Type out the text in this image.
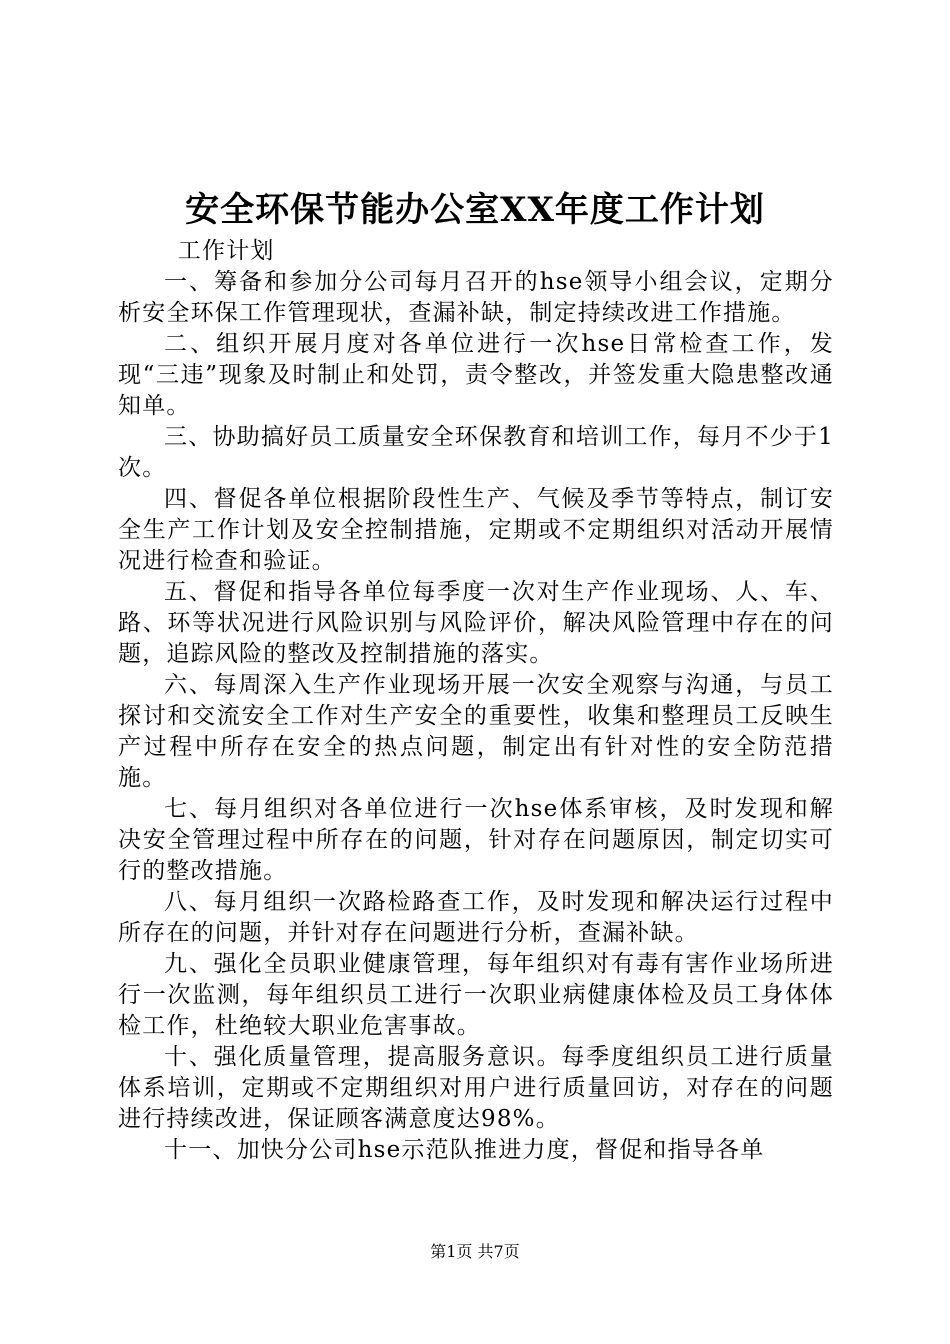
安全环保节能办公室XX年度工作计划

工作计划

一、筹备和参加分公司每月召开的hse领导小组会议，定期分析安全环保工作管理现状，查漏补缺，制定持续改进工作措施。

二、组织开展月度对各单位进行一次hse日常检查工作，发现“三违”现象及时制止和处罚，责令整改，并签发重大隐患整改通知单。

三、协助搞好员工质量安全环保教育和培训工作，每月不少于1次。

四、督促各单位根据阶段性生产、气候及季节等特点，制订安全生产工作计划及安全控制措施，定期或不定期组织对活动开展情况进行检查和验证。

五、督促和指导各单位每季度一次对生产作业现场、人、车、路、环等状况进行风险识别与风险评价，解决风险管理中存在的问题，追踪风险的整改及控制措施的落实。

六、每周深入生产作业现场开展一次安全观察与沟通，与员工探讨和交流安全工作对生产安全的重要性，收集和整理员工反映生产过程中所存在安全的热点问题，制定出有针对性的安全防范措施。

七、每月组织对各单位进行一次hse体系审核，及时发现和解决安全管理过程中所存在的问题，针对存在问题原因，制定切实可行的整改措施。

八、每月组织一次路检路查工作，及时发现和解决运行过程中所存在的问题，并针对存在问题进行分析，查漏补缺。

九、强化全员职业健康管理，每年组织对有毒有害作业场所进行一次监测，每年组织员工进行一次职业病健康体检及员工身体体检工作，杜绝较大职业危害事故。

十、强化质量管理，提高服务意识。每季度组织员工进行质量体系培训，定期或不定期组织对用户进行质量回访，对存在的问题进行持续改进，保证顾客满意度达98%。

十一、加快分公司hse示范队推进力度，督促和指导各单

第1页 共7页
